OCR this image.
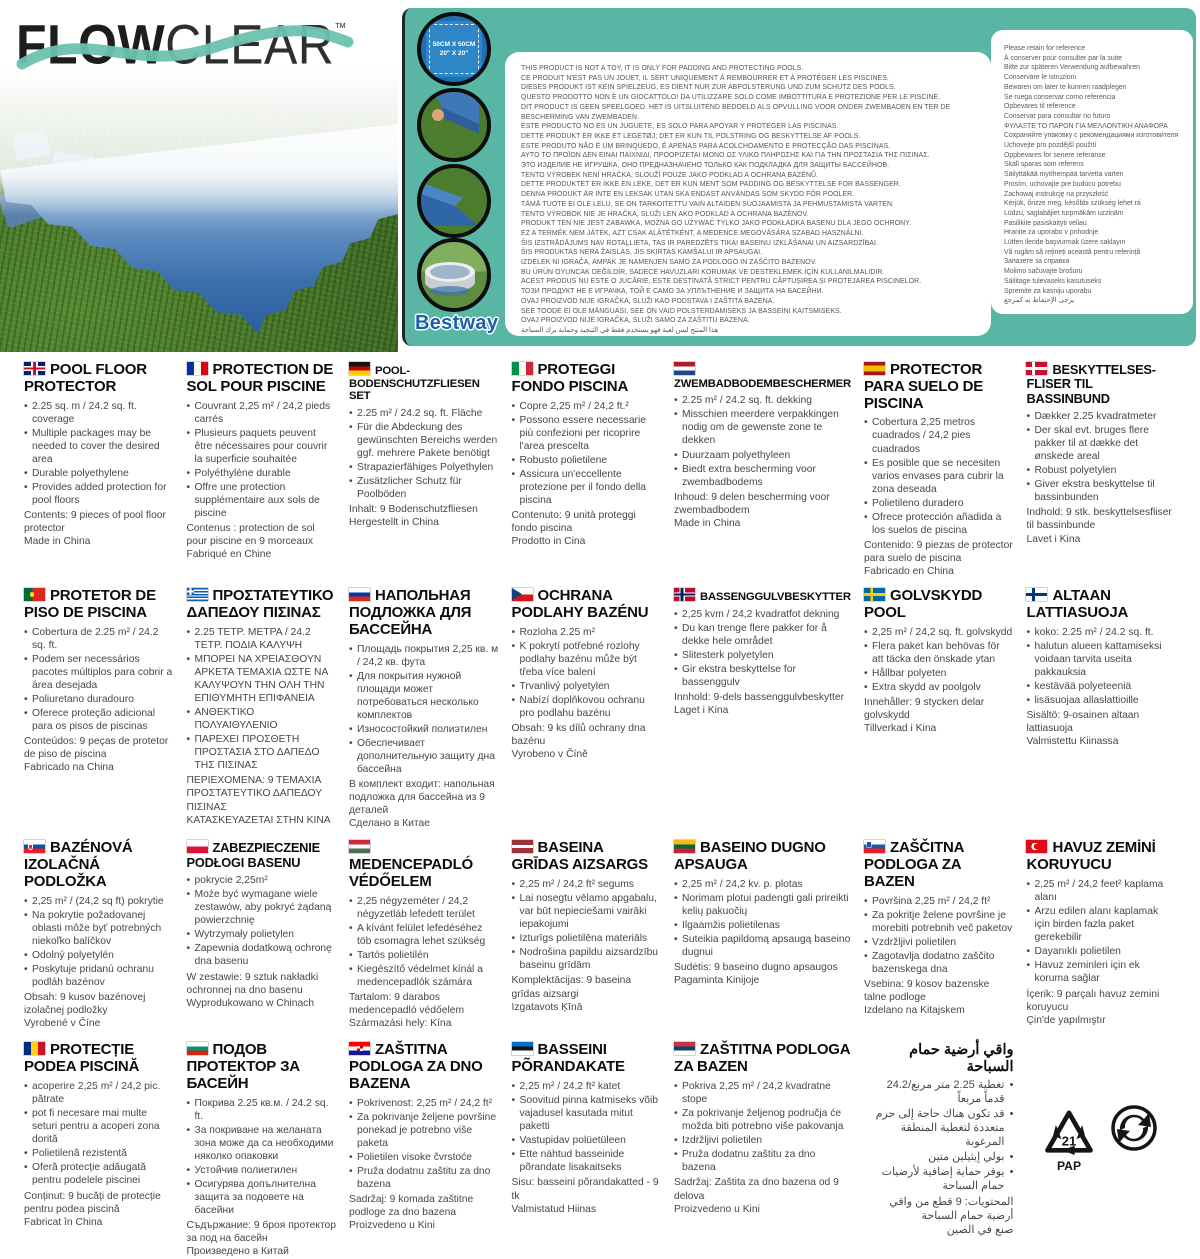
FLOWCLEAR™
50CM X 50CM
20" X 20"
THIS PRODUCT IS NOT A TOY, IT IS ONLY FOR PADDING AND PROTECTING POOLS.
CE PRODUIT N'EST PAS UN JOUET, IL SERT UNIQUEMENT À REMBOURRER ET À PROTÉGER LES PISCINES.
DIESES PRODUKT IST KEIN SPIELZEUG, ES DIENT NUR ZUR ABPOLSTERUNG UND ZUM SCHUTZ DES POOLS.
QUESTO PRODOTTO NON È UN GIOCATTOLO! DA UTILIZZARE SOLO COME IMBOTTITURA E PROTEZIONE PER LE PISCINE.
DIT PRODUCT IS GEEN SPEELGOED. HET IS UITSLUITEND BEDOELD ALS OPVULLING VOOR ONDER ZWEMBADEN EN TER DE BESCHERMING VAN ZWEMBADEN.
ESTE PRODUCTO NO ES UN JUGUETE, ES SOLO PARA APOYAR Y PROTEGER LAS PISCINAS.
DETTE PRODUKT ER IKKE ET LEGETØJ; DET ER KUN TIL POLSTRING OG BESKYTTELSE AF POOLS.
ESTE PRODUTO NÃO É UM BRINQUEDO, É APENAS PARA ACOLCHOAMENTO E PROTECÇÃO DAS PISCINAS.
ΑΥΤΟ ΤΟ ΠΡΟΪΟΝ ΔΕΝ ΕΙΝΑΙ ΠΑΙΧΝΙΔΙ, ΠΡΟΟΡΙΖΕΤΑΙ ΜΟΝΟ ΩΣ ΥΛΙΚΟ ΠΛΗΡΩΣΗΣ ΚΑΙ ΓΙΑ ΤΗΝ ΠΡΟΣΤΑΣΙΑ ΤΗΣ ΠΙΣΙΝΑΣ.
ЭТО ИЗДЕЛИЕ НЕ ИГРУШКА, ОНО ПРЕДНАЗНАЧЕНО ТОЛЬКО КАК ПОДКЛАДКА ДЛЯ ЗАЩИТЫ БАССЕЙНОВ.
TENTO VÝROBEK NENÍ HRAČKA, SLOUŽÍ POUZE JAKO PODKLAD A OCHRANA BAZÉNŮ.
DETTE PRODUKTET ER IKKE EN LEKE, DET ER KUN MENT SOM PADDING OG BESKYTTELSE FOR BASSENGER.
DENNA PRODUKT ÄR INTE EN LEKSAK UTAN SKA ENDAST ANVÄNDAS SOM SKYDD FÖR POOLER.
TÄMÄ TUOTE EI OLE LELU, SE ON TARKOITETTU VAIN ALTAIDEN SUOJAAMISTA JA PEHMUSTAMISTA VARTEN.
TENTO VÝROBOK NIE JE HRAČKA, SLÚŽI LEN AKO PODKLAD A OCHRANA BAZÉNOV.
PRODUKT TEN NIE JEST ZABAWKA, MOŻNA GO UŻYWAĆ TYLKO JAKO PODKŁADKA BASENU DLA JEGO OCHRONY.
EZ A TERMÉK NEM JÁTÉK, AZT CSAK ALÁTÉTKÉNT, A MEDENCE MEGÓVÁSÁRA SZABAD HASZNÁLNI.
ŠIS IZSTRĀDĀJUMS NAV ROTAĻLIETA, TAS IR PAREDZĒTS TIKAI BASEINU IZKLĀŠANAI UN AIZSARDZĪBAI.
ŠIS PRODUKTAS NĖRA ŽAISLAS, JIS SKIRTAS KAMŠALUI IR APSAUGAI.
IZDELEK NI IGRAČA, AMPAK JE NAMENJEN SAMO ZA PODLOGO IN ZAŠČITO BAZENOV.
BU ÜRÜN OYUNCAK DEĞİLDİR, SADECE HAVUZLARI KORUMAK VE DESTEKLEMEK İÇİN KULLANILMALIDIR.
ACEST PRODUS NU ESTE O JUCĂRIE, ESTE DESTINATĂ STRICT PENTRU CĂPTUȘIREA ȘI PROTEJAREA PISCINELOR.
ТОЗИ ПРОДУКТ НЕ Е ИГРАЧКА, ТОЙ Е САМО ЗА УПЛЪТНЕНИЕ И ЗАЩИТА НА БАСЕЙНИ.
OVAJ PROIZVOD NIJE IGRAČKA, SLUŽI KAO PODSTAVA I ZAŠTITA BAZENA.
SEE TOODE EI OLE MÄNGUASI, SEE ON VAID POLSTERDAMISEKS JA BASSEINI KAITSMISEKS.
OVAJ PROIZVOD NIJE IGRAČKA, SLUŽI SAMO ZA ZAŠTITU BAZENA.
هذا المنتج ليس لعبة فهو يستخدم فقط في التنجيد وحماية برك السباحة
Please retain for reference
À conserver pour consulter par la suite
Bitte zur späteren Verwendung aufbewahren
Conservare le istruzioni
Bewaren om later te kunnen raadplegen
Se ruega conservar como referencia
Opbevares til reference
Conservar para consultar no futuro
ΦΥΛΑΞΤΕ ΤΟ ΠΑΡΟΝ ΓΙΑ ΜΕΛΛΟΝΤΙΚΗ ΑΝΑΦΟΡΑ
Сохраняйте упаковку с рекомендациями изготовителя
Uchovejte pro pozdější použití
Oppbevares for senere referanse
Skall sparas som referens
Säilyttäkää myöhempää tarvetta varten
Prosím, uchovajte pre budúcu potrebu
Zachowaj instrukcję na przyszłość
Kérjük, őrizze meg, későbbi szükség lehet rá
Lūdzu, saglabājiet turpmākām uzziņām
Pasilikite pasiskaityti vėliau
Hranite za uporabo v prihodnje
Lütfen ileride başvurmak üzere saklayın
Vă rugăm să rețineți această pentru referință
Запазете за справка
Molimo sačuvajte brošuru
Säilitage tulevaseks kasutuseks
Spremite za kasniju uporabu
يرجى الإحتفاظ به كمرجع
Bestway
POOL FLOOR PROTECTOR
• 2.25 sq. m / 24.2 sq. ft. coverage
• Multiple packages may be needed to cover the desired area
• Durable polyethylene
• Provides added protection for pool floors
Contents: 9 pieces of pool floor protector
Made in China
PROTECTION DE SOL POUR PISCINE
• Couvrant 2,25 m² / 24,2 pieds carrés
• Plusieurs paquets peuvent être nécessaires pour couvrir la superficie souhaitée
• Polyéthylène durable
• Offre une protection supplémentaire aux sols de piscine
Contenus : protection de sol pour piscine en 9 morceaux
Fabriqué en Chine
POOL-BODENSCHUTZFLIESEN SET
• 2.25 m² / 24.2 sq. ft. Fläche
• Für die Abdeckung des gewünschten Bereichs werden ggf. mehrere Pakete benötigt
• Strapazierfähiges Polyethylen
• Zusätzlicher Schutz für Poolböden
Inhalt: 9 Bodenschutzfliesen
Hergestellt in China
PROTEGGI FONDO PISCINA
• Copre 2,25 m² / 24,2 ft.²
• Possono essere necessarie più confezioni per ricoprire l'area prescelta
• Robusto polietilene
• Assicura un'eccellente protezione per il fondo della piscina
Contenuto: 9 unità proteggi fondo piscina
Prodotto in Cina
ZWEMBADBODEMBESCHERMER
• 2.25 m² / 24.2 sq. ft. dekking
• Misschien meerdere verpakkingen nodig om de gewenste zone te dekken
• Duurzaam polyethyleen
• Biedt extra bescherming voor zwembadbodems
Inhoud: 9 delen bescherming voor zwembadbodem
Made in China
PROTECTOR PARA SUELO DE PISCINA
• Cobertura 2,25 metros cuadrados / 24,2 pies cuadrados
• Es posible que se necesiten varios envases para cubrir la zona deseada
• Polietileno duradero
• Ofrece protección añadida a los suelos de piscina
Contenido: 9 piezas de protector para suelo de piscina
Fabricado en China
BESKYTTELSES-FLISER TIL BASSINBUND
• Dækker 2.25 kvadratmeter
• Der skal evt. bruges flere pakker til at dække det ønskede areal
• Robust polyetylen
• Giver ekstra beskyttelse til bassinbunden
Indhold: 9 stk. beskyttelsesfliser til bassinbunde
Lavet i Kina
PROTETOR DE PISO DE PISCINA
• Cobertura de 2.25 m² / 24.2 sq. ft.
• Podem ser necessários pacotes múltiplos para cobrir a área desejada
• Poliuretano duradouro
• Oferece proteção adicional para os pisos de piscinas
Conteúdos: 9 peças de protetor de piso de piscina
Fabricado na China
ΠΡΟΣΤΑΤΕΥΤΙΚΟ ΔΑΠΕΔΟΥ ΠΙΣΙΝΑΣ
• 2.25 ΤΕΤΡ. ΜΕΤΡΑ / 24.2 ΤΕΤΡ. ΠΟΔΙΑ ΚΑΛΥΨΗ
• ΜΠΟΡΕΙ ΝΑ ΧΡΕΙΑΣΘΟΥΝ ΑΡΚΕΤΑ ΤΕΜΑΧΙΑ ΩΣΤΕ ΝΑ ΚΑΛΥΨΟΥΝ ΤΗΝ ΟΛΗ ΤΗΝ ΕΠΙΘΥΜΗΤΗ ΕΠΙΦΑΝΕΙΑ
• ΑΝΘΕΚΤΙΚΟ ΠΟΛΥΑΙΘΥΛΕΝΙΟ
• ΠΑΡΕΧΕΙ ΠΡΟΣΘΕΤΗ ΠΡΟΣΤΑΣΙΑ ΣΤΟ ΔΑΠΕΔΟ ΤΗΣ ΠΙΣΙΝΑΣ
ΠΕΡΙΕΧΟΜΕΝΑ: 9 ΤΕΜΑΧΙΑ ΠΡΟΣΤΑΤΕΥΤΙΚΟ ΔΑΠΕΔΟΥ ΠΙΣΙΝΑΣ
ΚΑΤΑΣΚΕΥΑΖΕΤΑΙ ΣΤΗΝ ΚΙΝΑ
НАПОЛЬНАЯ ПОДЛОЖКА ДЛЯ БАССЕЙНА
• Площадь покрытия 2,25 кв. м / 24,2 кв. фута
• Для покрытия нужной площади может потребоваться несколько комплектов
• Износостойкий полиэтилен
• Обеспечивает дополнительную защиту дна бассейна
В комплект входит: напольная подложка для бассейна из 9 деталей
Сделано в Китае
OCHRANA PODLAHY BAZÉNU
• Rozloha 2.25 m²
• K pokrytí potřebné rozlohy podlahy bazénu může být třeba více balení
• Trvanlivý polyetylen
• Nabízí doplňkovou ochranu pro podlahu bazénu
Obsah: 9 ks dílů ochrany dna bazénu
Vyrobeno v Číně
BASSENGGULVBESKYTTER
• 2,25 kvm / 24,2 kvadratfot dekning
• Du kan trenge flere pakker for å dekke hele området
• Slitesterk polyetylen
• Gir ekstra beskyttelse for bassenggulv
Innhold: 9-dels bassenggulvbeskytter
Laget i Kina
GOLVSKYDD POOL
• 2,25 m² / 24,2 sq. ft. golvskydd
• Flera paket kan behövas för att täcka den önskade ytan
• Hållbar polyeten
• Extra skydd av poolgolv
Innehåller: 9 stycken delar golvskydd
Tillverkad i Kina
ALTAAN LATTIASUOJA
• koko: 2.25 m² / 24.2 sq. ft.
• halutun alueen kattamiseksi voidaan tarvita useita pakkauksia
• kestävää polyeteeniä
• lisäsuojaa allaslattioille
Sisältö: 9-osainen altaan lattiasuoja
Valmistettu Kiinassa
BAZÉNOVÁ IZOLAČNÁ PODLOŽKA
• 2,25 m² / (24,2 sq ft) pokrytie
• Na pokrytie požadovanej oblasti môže byť potrebných niekoľko balíčkov
• Odolný polyetylén
• Poskytuje pridanú ochranu podláh bazénov
Obsah: 9 kusov bazénovej izolačnej podložky
Vyrobené v Číne
ZABEZPIECZENIE PODŁOGI BASENU
• pokrycie 2,25m²
• Może być wymagane wiele zestawów, aby pokryć żądaną powierzchnię
• Wytrzymały polietylen
• Zapewnia dodatkową ochronę dna basenu
W zestawie: 9 sztuk nakładki ochronnej na dno basenu
Wyprodukowano w Chinach
MEDENCEPADLÓ VÉDŐELEM
• 2,25 négyzeméter / 24,2 négyzetláb lefedett terület
• A kívánt felület lefedéséhez töb csomagra lehet szükség
• Tartós polietilén
• Kiegészítő védelmet kínál a medencepadlók számára
Tartalom: 9 darabos medencepadló védőelem
Származási hely: Kína
BASEINA GRĪDAS AIZSARGS
• 2,25 m² / 24,2 ft² segums
• Lai nosegtu vēlamo apgabalu, var būt nepieciešami vairāki iepakojumi
• Izturīgs polietilēna materiāls
• Nodrošina papildu aizsardzību baseinu grīdām
Komplektācijas: 9 baseina grīdas aizsargi
Izgatavots Ķīnā
BASEINO DUGNO APSAUGA
• 2,25 m² / 24,2 kv. p. plotas
• Norimam plotui padengti gali prireikti kelių pakuočių
• Ilgaamžis polietilenas
• Suteikia papildomą apsaugą baseino dugnui
Sudėtis: 9 baseino dugno apsaugos
Pagaminta Kinijoje
ZAŠČITNA PODLOGA ZA BAZEN
• Površina 2,25 m² / 24,2 ft²
• Za pokritje želene površine je morebiti potrebnih več paketov
• Vzdržljivi polietilen
• Zagotavlja dodatno zaščito bazenskega dna
Vsebina: 9 kosov bazenske talne podloge
Izdelano na Kitajskem
HAVUZ ZEMİNİ KORUYUCU
• 2,25 m² / 24,2 feet² kaplama alanı
• Arzu edilen alanı kaplamak için birden fazla paket gerekebilir
• Dayanıklı polietilen
• Havuz zeminleri için ek koruma sağlar
İçerik: 9 parçalı havuz zemini koruyucu
Çin'de yapılmıştır
PROTECȚIE PODEA PISCINĂ
• acoperire 2,25 m² / 24,2 pic. pătrate
• pot fi necesare mai multe seturi pentru a acoperi zona dorită
• Polietilenă rezistentă
• Oferă protecție adăugată pentru podelele piscinei
Conținut: 9 bucăți de protecție pentru podea piscină
Fabricat în China
ПОДОВ ПРОТЕКТОР ЗА БАСЕЙН
• Покрива 2.25 кв.м. / 24.2 sq. ft.
• За покриване на желаната зона може да са необходими няколко опаковки
• Устойчив полиетилен
• Осигурява допълнителна защита за подовете на басейни
Съдържание: 9 броя протектор за под на басейн
Произведено в Китай
ZAŠTITNA PODLOGA ZA DNO BAZENA
• Pokrivenost: 2,25 m² / 24,2 ft²
• Za pokrivanje željene površine ponekad je potrebno više paketa
• Polietilen visoke čvrstoće
• Pruža dodatnu zaštitu za dno bazena
Sadržaj: 9 komada zaštitne podloge za dno bazena
Proizvedeno u Kini
BASSEINI PÕRANDAKATE
• 2,25 m² / 24,2 ft² katet
• Soovitud pinna katmiseks võib vajadusel kasutada mitut paketti
• Vastupidav polüetüleen
• Ette nähtud basseinide põrandate lisakaitseks
Sisu: basseini põrandakatted - 9 tk
Valmistatud Hiinas
ZAŠTITNA PODLOGA ZA BAZEN
• Pokriva 2,25 m² / 24,2 kvadratne stope
• Za pokrivanje željenog područja će možda biti potrebno više pakovanja
• Izdržljivi polietilen
• Pruža dodatnu zaštitu za dno bazena
Sadržaj: Zaštita za dno bazena od 9 delova
Proizvedeno u Kini
واقي أرضية حمام السباحة
• تغطية 2.25 متر مربع/24.2 قدماً مربعاً
• قد تكون هناك حاجة إلى حزم متعددة لتغطية المنطقة المرغوبة
• بولي إيثيلين متين
• يوفر حماية إضافية لأرضيات حمام السباحة
المحتويات: 9 قطع من واقي أرضية حمام السباحة
صنع في الصين
21
PAP
